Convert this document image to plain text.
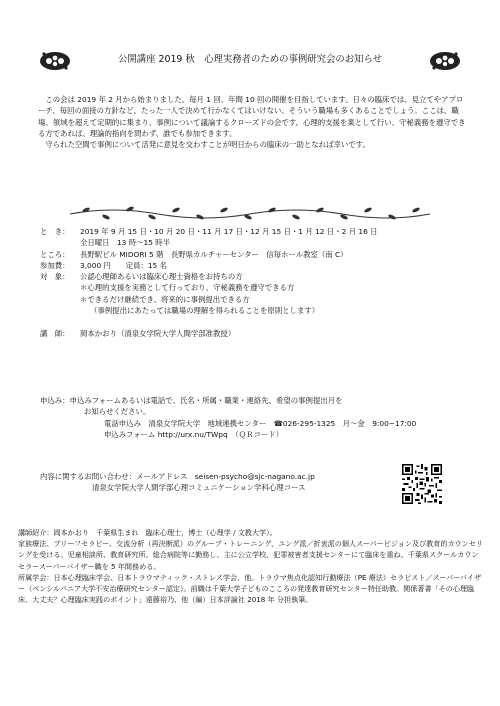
公開講座 2019 秋　心理実務者のための事例研究会のお知らせ

この会は 2019 年 2 月から始まりました。毎月 1 回、年間 10 回の開催を目指しています。日々の臨床では、見立てやアプローチ、毎回の面接の方針など、たった一人で決めて行かなくてはいけない、そういう職場も多くあることでしょう。ここは、職場、領域を超えて定期的に集まり、事例について議論するクローズドの会です。心理的支援を業として行い、守秘義務を遵守できる方であれば、理論的指向を問わず、誰でも参加できます。

守られた空間で事例について活発に意見を交わすことが明日からの臨床の一助となれば幸いです。

と　き：	2019 年 9 月 15 日・10 月 20 日・11 月 17 日・12 月 15 日・1 月 12 日・2 月 16 日
全日曜日　13 時～15 時半
ところ：	長野駅ビル MIDORI 5 階　長野県カルチャーセンター　信毎ホール教室（南 C）
参加費：	3,000 円　　定員：15 名
対　象：	公認心理師あるいは臨床心理士資格をお持ちの方
＊心理的支援を実務として行っており、守秘義務を遵守できる方
＊できるだけ継続でき、将来的に事例提出できる方
（事例提出にあたっては職場の理解を得られることを原則とします）
講　師：	岡本かおり（清泉女学院大学人間学部准教授）
申込み：申込みフォームあるいは電話で、氏名・所属・職業・連絡先、希望の事例提出月を
お知らせください。
電話申込み　清泉女学院大学　地域連携センター　☎026-295-1325　月～金　9:00~17:00
申込みフォーム http://urx.nu/TWpq　（ＱＲコード）
内容に関するお問い合わせ：メールアドレス　seisen-psycho@sjc-nagano.ac.jp
清泉女学院大学人間学部心理コミュニケーション学科心理コース

講師紹介：岡本かおり　千葉県生まれ　臨床心理士，博士（心理学 / 文教大学）。

家族療法、ブリーフセラピー、交流分析（再決断派）のグループ・トレーニング、ユング派／折衷派の個人スーパービジョン及び教育的カウンセリングを受ける。児童相談所、教育研究所、総合病院等に勤務し、主に公立学校、犯罪被害者支援センターにて臨床を重ね、千葉県スクールカウンセラースーパーバイザー職を 5 年間務める。

所属学会：日本心理臨床学会、日本トラウマティック・ストレス学会、他。トラウマ焦点化認知行動療法（PE 療法）セラピスト／スーパーバイザー（ペンシルバニア大学不安治療研究センター認定）。前職は千葉大学子どものこころの発達教育研究センター特任助教。関係著書「その心理臨床、大丈夫？心理臨床実践のポイント」遠藤裕乃、他（編）日本評論社 2018 年 分担執筆。
